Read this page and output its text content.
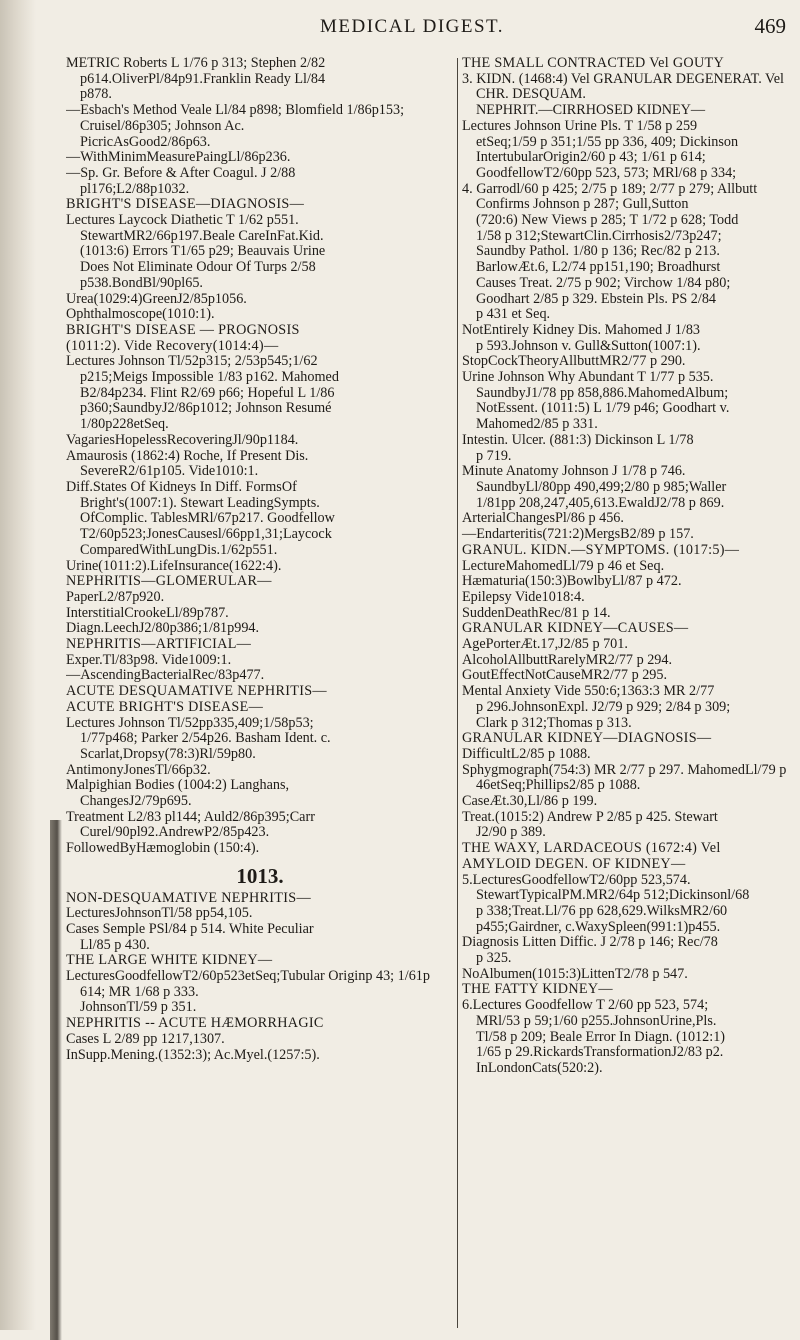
MEDICAL DIGEST.	469
METRIC Roberts L 1/76 p 313; Stephen 2/82
p614.OliverPl/84p91.Franklin Ready Ll/84
p878.
—Esbach's Method Veale Ll/84 p898; Blomfield 1/86p153; Cruisel/86p305; Johnson Ac.
PicricAsGood2/86p63.
—WithMinimMeasurePaingLl/86p236.
—Sp. Gr. Before & After Coagul. J 2/88
pl176;L2/88p1032.
BRIGHT'S DISEASE—DIAGNOSIS—
Lectures Laycock Diathetic T 1/62 p551.
StewartMR2/66p197.Beale CareInFat.Kid.
(1013:6) Errors T1/65 p29; Beauvais Urine
Does Not Eliminate Odour Of Turps 2/58
p538.BondBl/90pl65.
Urea(1029:4)GreenJ2/85p1056.
Ophthalmoscope(1010:1).
BRIGHT'S DISEASE — PROGNOSIS
(1011:2). Vide Recovery(1014:4)—
Lectures Johnson Tl/52p315; 2/53p545;1/62
p215;Meigs Impossible 1/83 p162. Mahomed
B2/84p234. Flint R2/69 p66; Hopeful L 1/86
p360;SaundbyJ2/86p1012; Johnson Resumé
1/80p228etSeq.
VagariesHopelessRecoveringJl/90p1184.
Amaurosis (1862:4) Roche, If Present Dis.
SevereR2/61p105. Vide1010:1.
Diff.States Of Kidneys In Diff. FormsOf
Bright's(1007:1). Stewart LeadingSympts.
OfComplic. TablesMRl/67p217. Goodfellow
T2/60p523;JonesCausesl/66pp1,31;Laycock
ComparedWithLungDis.1/62p551.
Urine(1011:2).LifeInsurance(1622:4).
NEPHRITIS—GLOMERULAR—
PaperL2/87p920.
InterstitialCrookeLl/89p787.
Diagn.LeechJ2/80p386;1/81p994.
NEPHRITIS—ARTIFICIAL—
Exper.Tl/83p98. Vide1009:1.
—AscendingBacterialRec/83p477.
ACUTE DESQUAMATIVE NEPHRITIS—
ACUTE BRIGHT'S DISEASE—
Lectures Johnson Tl/52pp335,409;1/58p53;
1/77p468; Parker 2/54p26. Basham Ident. c.
Scarlat,Dropsy(78:3)Rl/59p80.
AntimonyJonesTl/66p32.
Malpighian Bodies (1004:2) Langhans,
ChangesJ2/79p695.
Treatment L2/83 pl144; Auld2/86p395;Carr
Curel/90pl92.AndrewP2/85p423.
FollowedByHæmoglobin (150:4).
1013.
NON-DESQUAMATIVE NEPHRITIS—
LecturesJohnsonTl/58 pp54,105.
Cases Semple PSl/84 p 514. White Peculiar
Ll/85 p 430.
THE LARGE WHITE KIDNEY—
LecturesGoodfellowT2/60p523etSeq;Tubular Originp 43; 1/61p 614; MR 1/68 p 333.
JohnsonTl/59 p 351.
NEPHRITIS -- ACUTE HÆMORRHAGIC
Cases L 2/89 pp 1217,1307.
InSupp.Mening.(1352:3); Ac.Myel.(1257:5).
THE SMALL CONTRACTED Vel GOUTY
3. KIDN. (1468:4) Vel GRANULAR DEGENERAT. Vel CHR. DESQUAM.
NEPHRIT.—CIRRHOSED KIDNEY—
Lectures Johnson Urine Pls. T 1/58 p 259
etSeq;1/59 p 351;1/55 pp 336, 409; Dickinson
IntertubularOrigin2/60 p 43; 1/61 p 614;
GoodfellowT2/60pp 523, 573; MRl/68 p 334;
4. Garrodl/60 p 425; 2/75 p 189; 2/77 p 279; Allbutt Confirms Johnson p 287; Gull,Sutton
(720:6) New Views p 285; T 1/72 p 628; Todd
1/58 p 312;StewartClin.Cirrhosis2/73p247;
Saundby Pathol. 1/80 p 136; Rec/82 p 213.
BarlowÆt.6, L2/74 pp151,190; Broadhurst
Causes Treat. 2/75 p 902; Virchow 1/84 p80;
Goodhart 2/85 p 329. Ebstein Pls. PS 2/84
p 431 et Seq.
NotEntirely Kidney Dis. Mahomed J 1/83
p 593.Johnson v. Gull&Sutton(1007:1).
StopCockTheoryAllbuttMR2/77 p 290.
Urine Johnson Why Abundant T 1/77 p 535.
SaundbyJ1/78 pp 858,886.MahomedAlbum;
NotEssent. (1011:5) L 1/79 p46; Goodhart v.
Mahomed2/85 p 331.
Intestin. Ulcer. (881:3) Dickinson L 1/78
p 719.
Minute Anatomy Johnson J 1/78 p 746.
SaundbyLl/80pp 490,499;2/80 p 985;Waller
1/81pp 208,247,405,613.EwaldJ2/78 p 869.
ArterialChangesPl/86 p 456.
—Endarteritis(721:2)MergsB2/89 p 157.
GRANUL. KIDN.—SYMPTOMS. (1017:5)—
LectureMahomedLl/79 p 46 et Seq.
Hæmaturia(150:3)BowlbyLl/87 p 472.
Epilepsy Vide1018:4.
SuddenDeathRec/81 p 14.
GRANULAR KIDNEY—CAUSES—
AgePorterÆt.17,J2/85 p 701.
AlcoholAllbuttRarelyMR2/77 p 294.
GoutEffectNotCauseMR2/77 p 295.
Mental Anxiety Vide 550:6;1363:3 MR 2/77
p 296.JohnsonExpl. J2/79 p 929; 2/84 p 309;
Clark p 312;Thomas p 313.
GRANULAR KIDNEY—DIAGNOSIS—
DifficultL2/85 p 1088.
Sphygmograph(754:3) MR 2/77 p 297. MahomedLl/79 p 46etSeq;Phillips2/85 p 1088.
CaseÆt.30,Ll/86 p 199.
Treat.(1015:2) Andrew P 2/85 p 425. Stewart
J2/90 p 389.
THE WAXY, LARDACEOUS (1672:4) Vel
AMYLOID DEGEN. OF KIDNEY—
5.LecturesGoodfellowT2/60pp 523,574. StewartTypicalPM.MR2/64p 512;Dickinsonl/68
p 338;Treat.Ll/76 pp 628,629.WilksMR2/60
p455;Gairdner, c.WaxySpleen(991:1)p455.
Diagnosis Litten Diffic. J 2/78 p 146; Rec/78
p 325.
NoAlbumen(1015:3)LittenT2/78 p 547.
THE FATTY KIDNEY—
6.Lectures Goodfellow T 2/60 pp 523, 574;
MRl/53 p 59;1/60 p255.JohnsonUrine,Pls.
Tl/58 p 209; Beale Error In Diagn. (1012:1)
1/65 p 29.RickardsTransformationJ2/83 p2.
InLondonCats(520:2).
